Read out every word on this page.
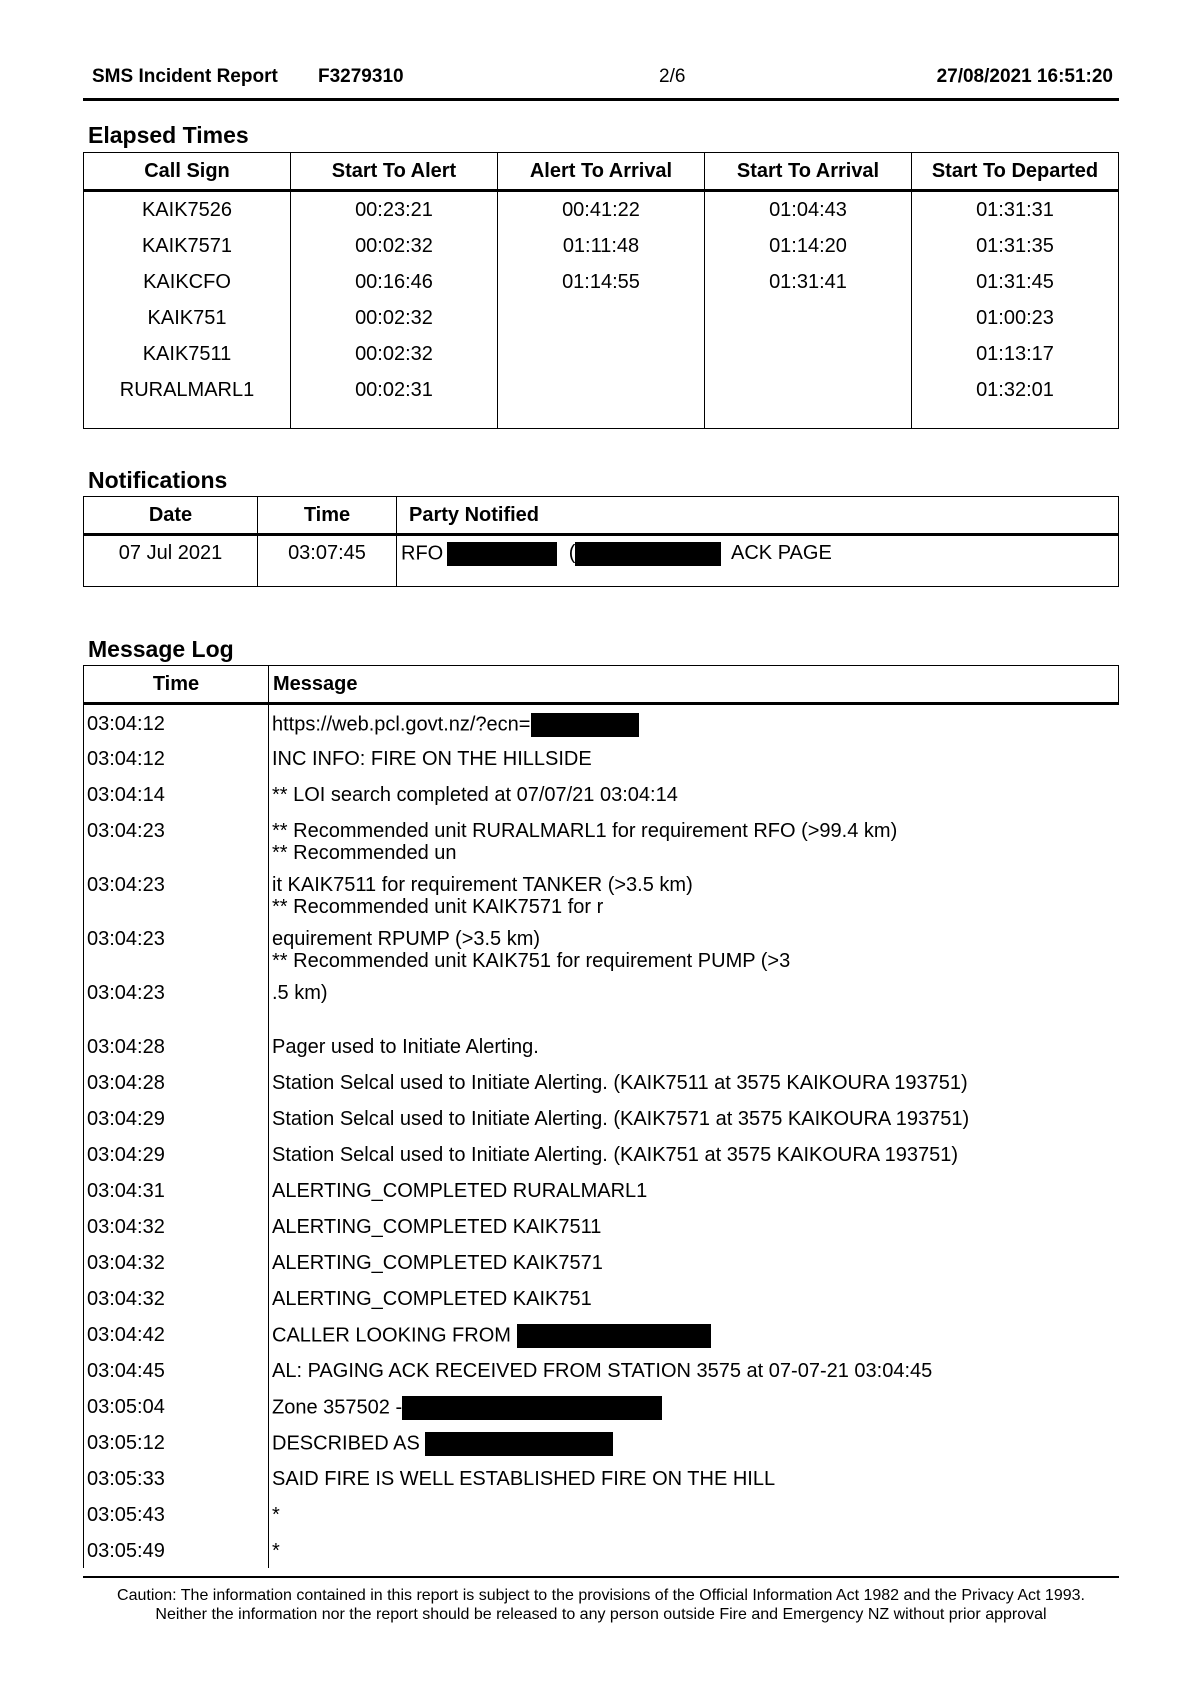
SMS Incident Report F3279310	2/6	27/08/2021 16:51:20
Elapsed Times
Call Sign	Start To Alert	Alert To Arrival	Start To Arrival	Start To Departed
KAIK7526	00:23:21	00:41:22	01:04:43	01:31:31
KAIK7571	00:02:32	01:11:48	01:14:20	01:31:35
KAIKCFO	00:16:46	01:14:55	01:31:41	01:31:45
KAIK751	00:02:32			01:00:23
KAIK7511	00:02:32			01:13:17
RURALMARL1	00:02:31			01:32:01

Notifications
Date	Time	Party Notified
07 Jul 2021	03:07:45	RFO ( ACK PAGE
Message Log
Time	Message
03:04:12	https://web.pcl.govt.nz/?ecn=

03:04:12	INC INFO: FIRE ON THE HILLSIDE

03:04:14	** LOI search completed at 07/07/21 03:04:14

03:04:23	** Recommended unit RURALMARL1 for requirement RFO (>99.4 km)
** Recommended un

03:04:23	it KAIK7511 for requirement TANKER (>3.5 km)
** Recommended unit KAIK7571 for r

03:04:23	equirement RPUMP (>3.5 km)
** Recommended unit KAIK751 for requirement PUMP (>3

03:04:23	.5 km)

03:04:28	Pager used to Initiate Alerting.

03:04:28	Station Selcal used to Initiate Alerting. (KAIK7511 at 3575 KAIKOURA 193751)

03:04:29	Station Selcal used to Initiate Alerting. (KAIK7571 at 3575 KAIKOURA 193751)

03:04:29	Station Selcal used to Initiate Alerting. (KAIK751 at 3575 KAIKOURA 193751)

03:04:31	ALERTING_COMPLETED RURALMARL1

03:04:32	ALERTING_COMPLETED KAIK7511

03:04:32	ALERTING_COMPLETED KAIK7571

03:04:32	ALERTING_COMPLETED KAIK751

03:04:42	CALLER LOOKING FROM

03:04:45	AL: PAGING ACK RECEIVED FROM STATION 3575 at 07-07-21 03:04:45

03:05:04	Zone 357502 -

03:05:12	DESCRIBED AS

03:05:33	SAID FIRE IS WELL ESTABLISHED FIRE ON THE HILL

03:05:43	*

03:05:49	*
Caution: The information contained in this report is subject to the provisions of the Official Information Act 1982 and the Privacy Act 1993.
Neither the information nor the report should be released to any person outside Fire and Emergency NZ without prior approval
